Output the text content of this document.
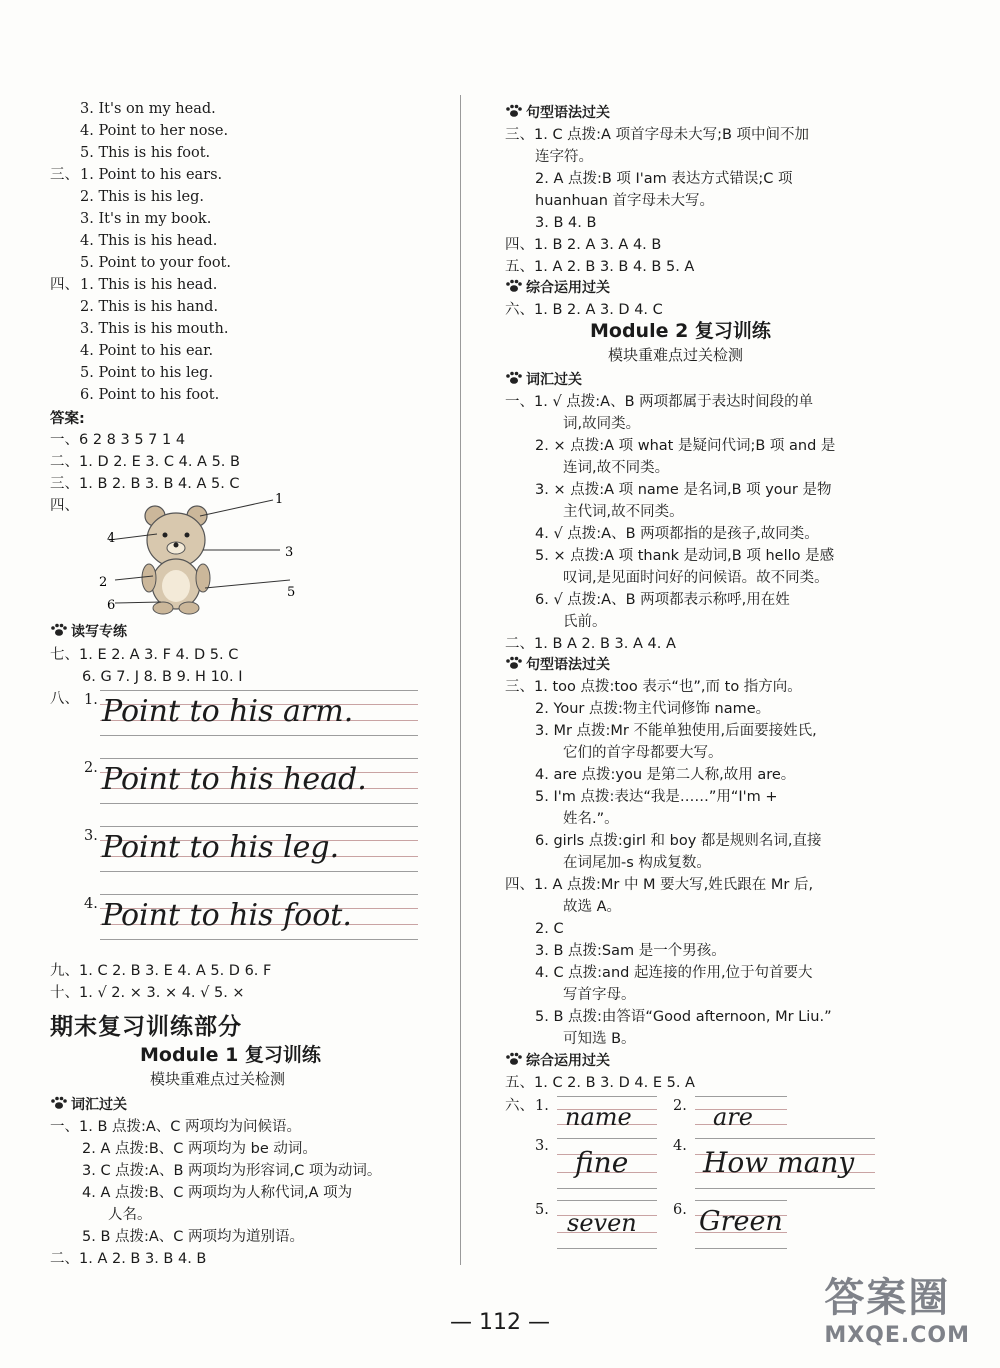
3. It's on my head.
4. Point to her nose.
5. This is his foot.
三、 1. Point to his ears.
2. This is his leg.
3. It's in my book.
4. This is his head.
5. Point to your foot.
四、 1. This is his head.
2. This is his hand.
3. This is his mouth.
4. Point to his ear.
5. Point to his leg.
6. Point to his foot.
答案:
一、6 2 8 3 5 7 1 4
二、1. D 2. E 3. C 4. A 5. B
三、1. B 2. B 3. B 4. A 5. C
四、	1
2
3
4
5
6
读写专练
七、1. E 2. A 3. F 4. D 5. C
6. G 7. J 8. B 9. H 10. I
八、 1. Point to his arm.
2. Point to his head.
3. Point to his leg.
4. Point to his foot.
九、1. C 2. B 3. E 4. A 5. D 6. F
十、1. √ 2. × 3. × 4. √ 5. ×
期末复习训练部分
Module 1 复习训练
模块重难点过关检测
词汇过关
一、1. B 点拨:A、C 两项均为问候语。
2. A 点拨:B、C 两项均为 be 动词。
3. C 点拨:A、B 两项均为形容词,C 项为动词。
4. A 点拨:B、C 两项均为人称代词,A 项为
人名。
5. B 点拨:A、C 两项均为道别语。
二、1. A 2. B 3. B 4. B
句型语法过关
三、1. C 点拨:A 项首字母未大写;B 项中间不加
连字符。
2. A 点拨:B 项 I'am 表达方式错误;C 项
huanhuan 首字母未大写。
3. B 4. B
四、1. B 2. A 3. A 4. B
五、1. A 2. B 3. B 4. B 5. A
综合运用过关
六、1. B 2. A 3. D 4. C
Module 2 复习训练
模块重难点过关检测
词汇过关
一、1. √ 点拨:A、B 两项都属于表达时间段的单
词,故同类。
2. × 点拨:A 项 what 是疑问代词;B 项 and 是
连词,故不同类。
3. × 点拨:A 项 name 是名词,B 项 your 是物
主代词,故不同类。
4. √ 点拨:A、B 两项都指的是孩子,故同类。
5. × 点拨:A 项 thank 是动词,B 项 hello 是感
叹词,是见面时问好的问候语。故不同类。
6. √ 点拨:A、B 两项都表示称呼,用在姓
氏前。
二、1. B A 2. B 3. A 4. A
句型语法过关
三、1. too 点拨:too 表示“也”,而 to 指方向。
2. Your 点拨:物主代词修饰 name。
3. Mr 点拨:Mr 不能单独使用,后面要接姓氏,
它们的首字母都要大写。
4. are 点拨:you 是第二人称,故用 are。
5. I'm 点拨:表达“我是……”用“I'm +
姓名.”。
6. girls 点拨:girl 和 boy 都是规则名词,直接
在词尾加-s 构成复数。
四、1. A 点拨:Mr 中 M 要大写,姓氏跟在 Mr 后,
故选 A。
2. C
3. B 点拨:Sam 是一个男孩。
4. C 点拨:and 起连接的作用,位于句首要大
写首字母。
5. B 点拨:由答语“Good afternoon, Mr Liu.”
可知选 B。
综合运用过关
五、1. C 2. B 3. D 4. E 5. A
六、 1. name	2. are
3. fine	4. How many
5. seven	6. Green
— 112 —
答案圈
MXQE.COM
